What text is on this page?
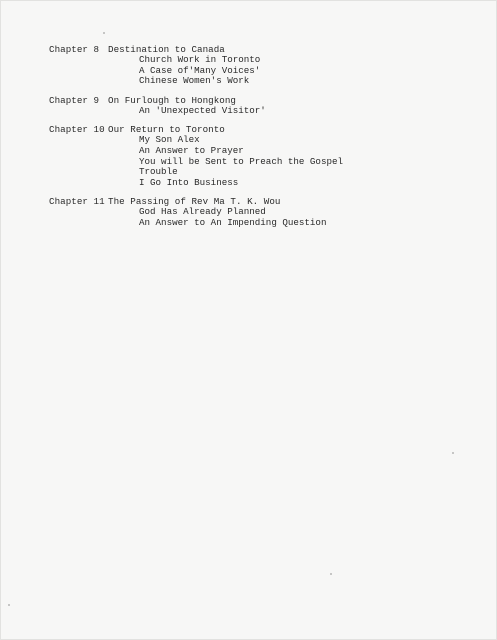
Chapter 8 Destination to Canada
Church Work in Toronto
A Case of'Many Voices'
Chinese Women's Work
Chapter 9 On Furlough to Hongkong
An 'Unexpected Visitor'
Chapter 10 Our Return to Toronto
My Son Alex
An Answer to Prayer
You will be Sent to Preach the Gospel
Trouble
I Go Into Business
Chapter 11 The Passing of Rev Ma T. K. Wou
God Has Already Planned
An Answer to An Impending Question
